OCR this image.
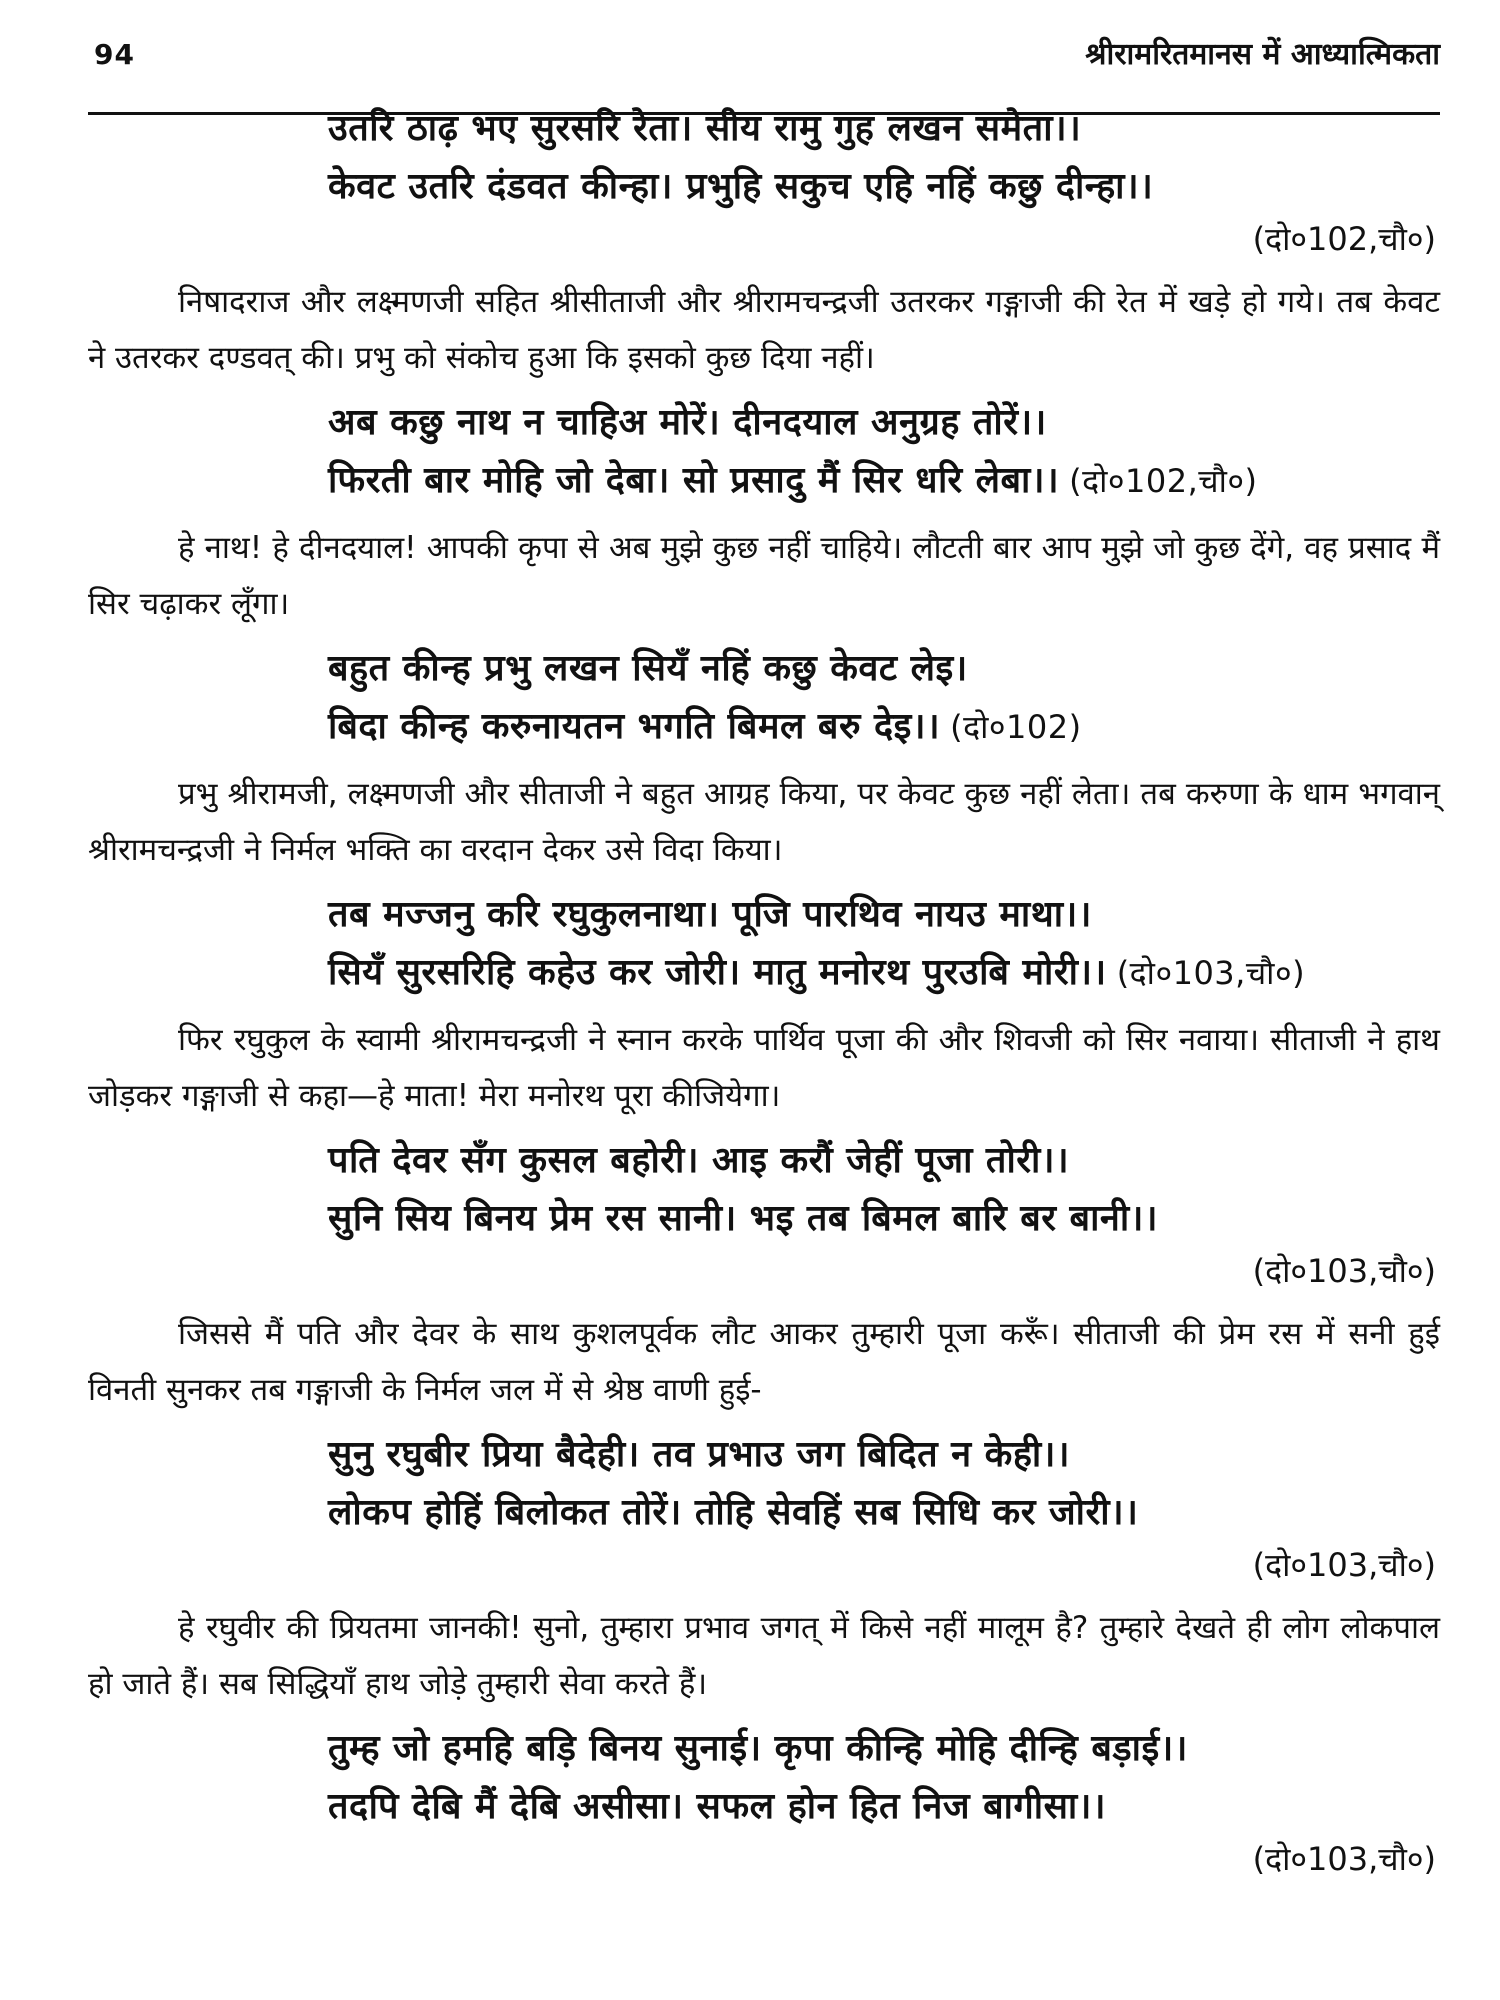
94	श्रीरामरितमानस में आध्यात्मिकता
उतरि ठाढ़ भए सुरसरि रेता। सीय रामु गुह लखन समेता।।
केवट उतरि दंडवत कीन्हा। प्रभुहि सकुच एहि नहिं कछु दीन्हा।।
(दो०102,चौ०)

निषादराज और लक्ष्मणजी सहित श्रीसीताजी और श्रीरामचन्द्रजी उतरकर गङ्गाजी की रेत में खड़े हो गये। तब केवट ने उतरकर दण्डवत् की। प्रभु को संकोच हुआ कि इसको कुछ दिया नहीं।

अब कछु नाथ न चाहिअ मोरें। दीनदयाल अनुग्रह तोरें।।
फिरती बार मोहि जो देबा। सो प्रसादु मैं सिर धरि लेबा।। (दो०102,चौ०)

हे नाथ! हे दीनदयाल! आपकी कृपा से अब मुझे कुछ नहीं चाहिये। लौटती बार आप मुझे जो कुछ देंगे, वह प्रसाद मैं सिर चढ़ाकर लूँगा।

बहुत कीन्ह प्रभु लखन सियँ नहिं कछु केवट लेइ।
बिदा कीन्ह करुनायतन भगति बिमल बरु देइ।। (दो०102)

प्रभु श्रीरामजी, लक्ष्मणजी और सीताजी ने बहुत आग्रह किया, पर केवट कुछ नहीं लेता। तब करुणा के धाम भगवान् श्रीरामचन्द्रजी ने निर्मल भक्ति का वरदान देकर उसे विदा किया।

तब मज्जनु करि रघुकुलनाथा। पूजि पारथिव नायउ माथा।।
सियँ सुरसरिहि कहेउ कर जोरी। मातु मनोरथ पुरउबि मोरी।। (दो०103,चौ०)

फिर रघुकुल के स्वामी श्रीरामचन्द्रजी ने स्नान करके पार्थिव पूजा की और शिवजी को सिर नवाया। सीताजी ने हाथ जोड़कर गङ्गाजी से कहा—हे माता! मेरा मनोरथ पूरा कीजियेगा।

पति देवर सँग कुसल बहोरी। आइ करौं जेहीं पूजा तोरी।।
सुनि सिय बिनय प्रेम रस सानी। भइ तब बिमल बारि बर बानी।।
(दो०103,चौ०)

जिससे मैं पति और देवर के साथ कुशलपूर्वक लौट आकर तुम्हारी पूजा करूँ। सीताजी की प्रेम रस में सनी हुई विनती सुनकर तब गङ्गाजी के निर्मल जल में से श्रेष्ठ वाणी हुई-

सुनु रघुबीर प्रिया बैदेही। तव प्रभाउ जग बिदित न केही।।
लोकप होहिं बिलोकत तोरें। तोहि सेवहिं सब सिधि कर जोरी।।
(दो०103,चौ०)

हे रघुवीर की प्रियतमा जानकी! सुनो, तुम्हारा प्रभाव जगत् में किसे नहीं मालूम है? तुम्हारे देखते ही लोग लोकपाल हो जाते हैं। सब सिद्धियाँ हाथ जोड़े तुम्हारी सेवा करते हैं।

तुम्ह जो हमहि बड़ि बिनय सुनाई। कृपा कीन्हि मोहि दीन्हि बड़ाई।।
तदपि देबि मैं देबि असीसा। सफल होन हित निज बागीसा।।
(दो०103,चौ०)
